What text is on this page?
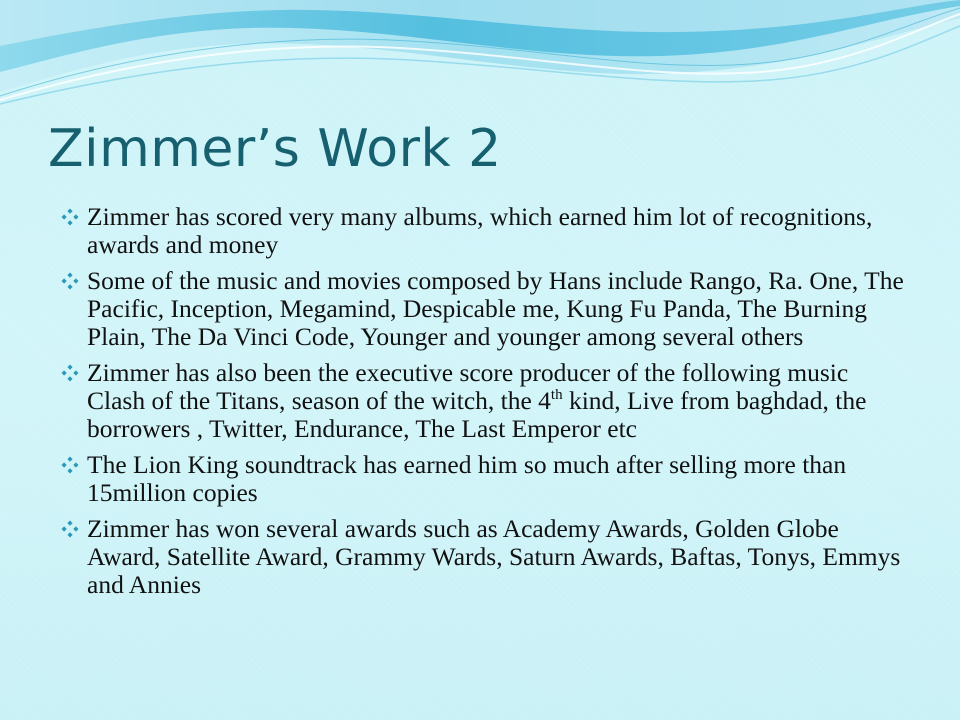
Zimmer’s Work 2
Zimmer has scored very many albums, which earned him lot of recognitions, awards and money
Some of the music and movies composed by Hans include Rango, Ra. One, The Pacific, Inception, Megamind, Despicable me, Kung Fu Panda, The Burning Plain, The Da Vinci Code, Younger and younger among several others
Zimmer has also been the executive score producer of the following music Clash of the Titans, season of the witch, the 4th kind, Live from baghdad, the borrowers , Twitter, Endurance, The Last Emperor etc
The Lion King soundtrack has earned him so much after selling more than 15million copies
Zimmer has won several awards such as Academy Awards, Golden Globe Award, Satellite Award, Grammy Wards, Saturn Awards, Baftas, Tonys, Emmys and Annies
